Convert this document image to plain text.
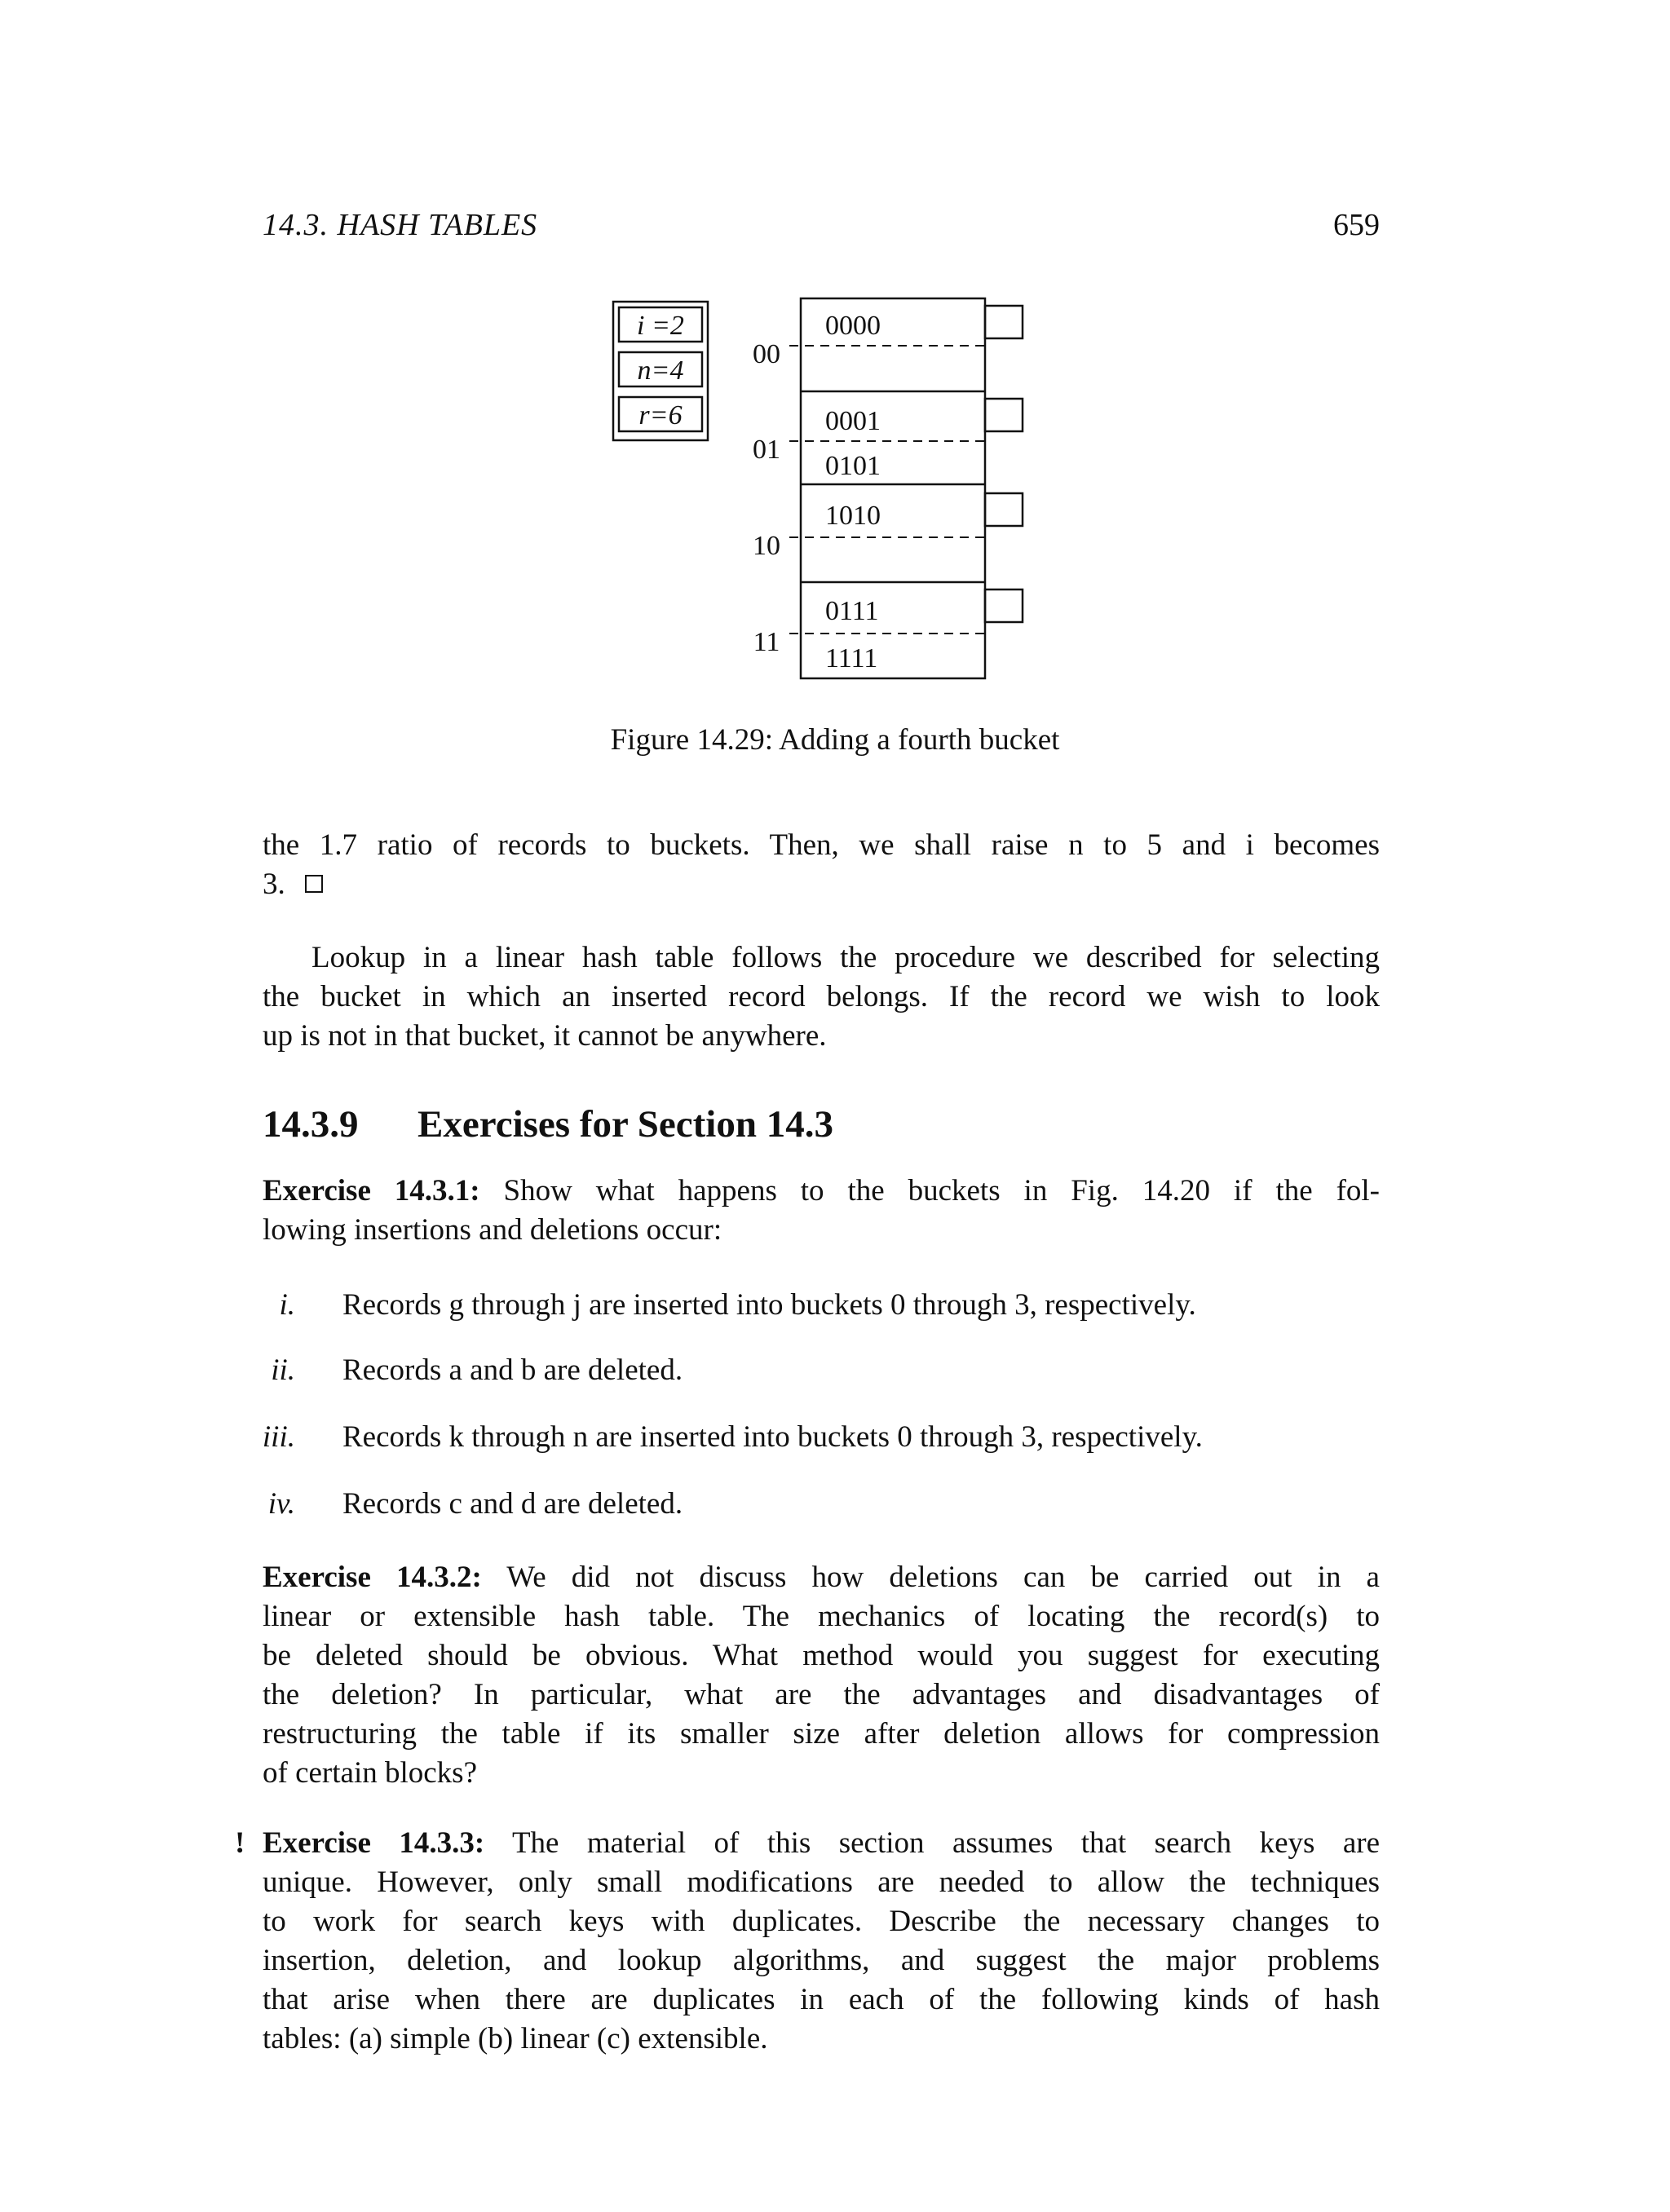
14.3. HASH TABLES	659
i =2
n=4
r=6
00
01
10
11
0000
0001
0101
1010
0111
1111
Figure 14.29: Adding a fourth bucket
the 1.7 ratio of records to buckets. Then, we shall raise n to 5 and i becomes
3.
Lookup in a linear hash table follows the procedure we described for selecting
the bucket in which an inserted record belongs. If the record we wish to look
up is not in that bucket, it cannot be anywhere.
14.3.9 Exercises for Section 14.3
Exercise 14.3.1: Show what happens to the buckets in Fig. 14.20 if the fol-
lowing insertions and deletions occur:
i. Records g through j are inserted into buckets 0 through 3, respectively.
ii. Records a and b are deleted.
iii. Records k through n are inserted into buckets 0 through 3, respectively.
iv. Records c and d are deleted.
Exercise 14.3.2: We did not discuss how deletions can be carried out in a
linear or extensible hash table. The mechanics of locating the record(s) to
be deleted should be obvious. What method would you suggest for executing
the deletion? In particular, what are the advantages and disadvantages of
restructuring the table if its smaller size after deletion allows for compression
of certain blocks?
! Exercise 14.3.3: The material of this section assumes that search keys are
unique. However, only small modifications are needed to allow the techniques
to work for search keys with duplicates. Describe the necessary changes to
insertion, deletion, and lookup algorithms, and suggest the major problems
that arise when there are duplicates in each of the following kinds of hash
tables: (a) simple (b) linear (c) extensible.
